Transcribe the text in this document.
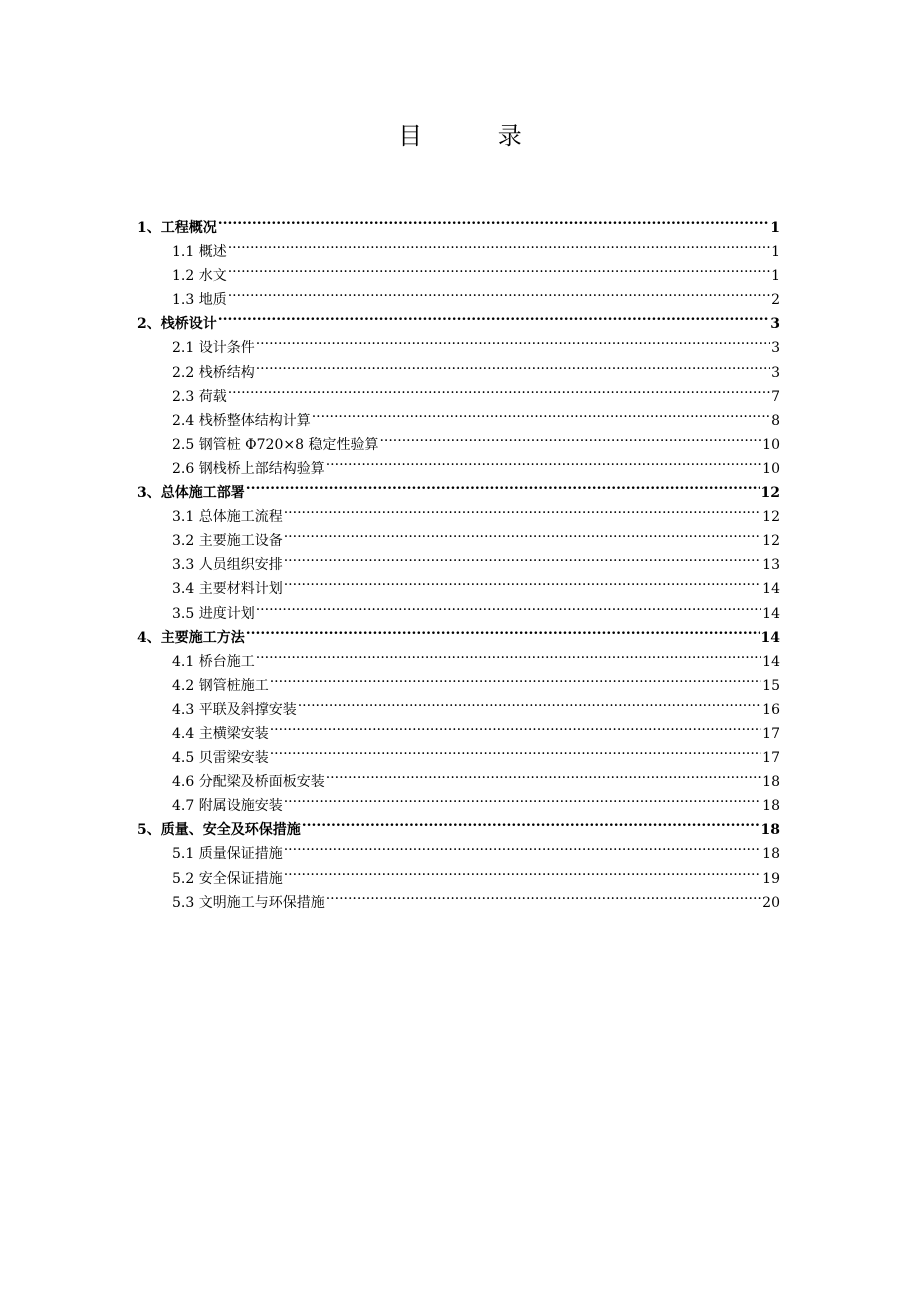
目 录
1、工程概况 .....	1
1.1 概述 .....	1
1.2 水文 .....	1
1.3 地质 .....	2
2、栈桥设计 .....	3
2.1 设计条件 .....	3
2.2 栈桥结构 .....	3
2.3 荷载 .....	7
2.4 栈桥整体结构计算 .....	8
2.5 钢管桩 Φ720×8 稳定性验算 .....	10
2.6 钢栈桥上部结构验算 .....	10
3、总体施工部署 .....	12
3.1 总体施工流程 .....	12
3.2 主要施工设备 .....	12
3.3 人员组织安排 .....	13
3.4 主要材料计划 .....	14
3.5 进度计划 .....	14
4、主要施工方法 .....	14
4.1 桥台施工 .....	14
4.2 钢管桩施工 .....	15
4.3 平联及斜撑安装 .....	16
4.4 主横梁安装 .....	17
4.5 贝雷梁安装 .....	17
4.6 分配梁及桥面板安装 .....	18
4.7 附属设施安装 .....	18
5、质量、安全及环保措施 .....	18
5.1 质量保证措施 .....	18
5.2 安全保证措施 .....	19
5.3 文明施工与环保措施 .....	20
